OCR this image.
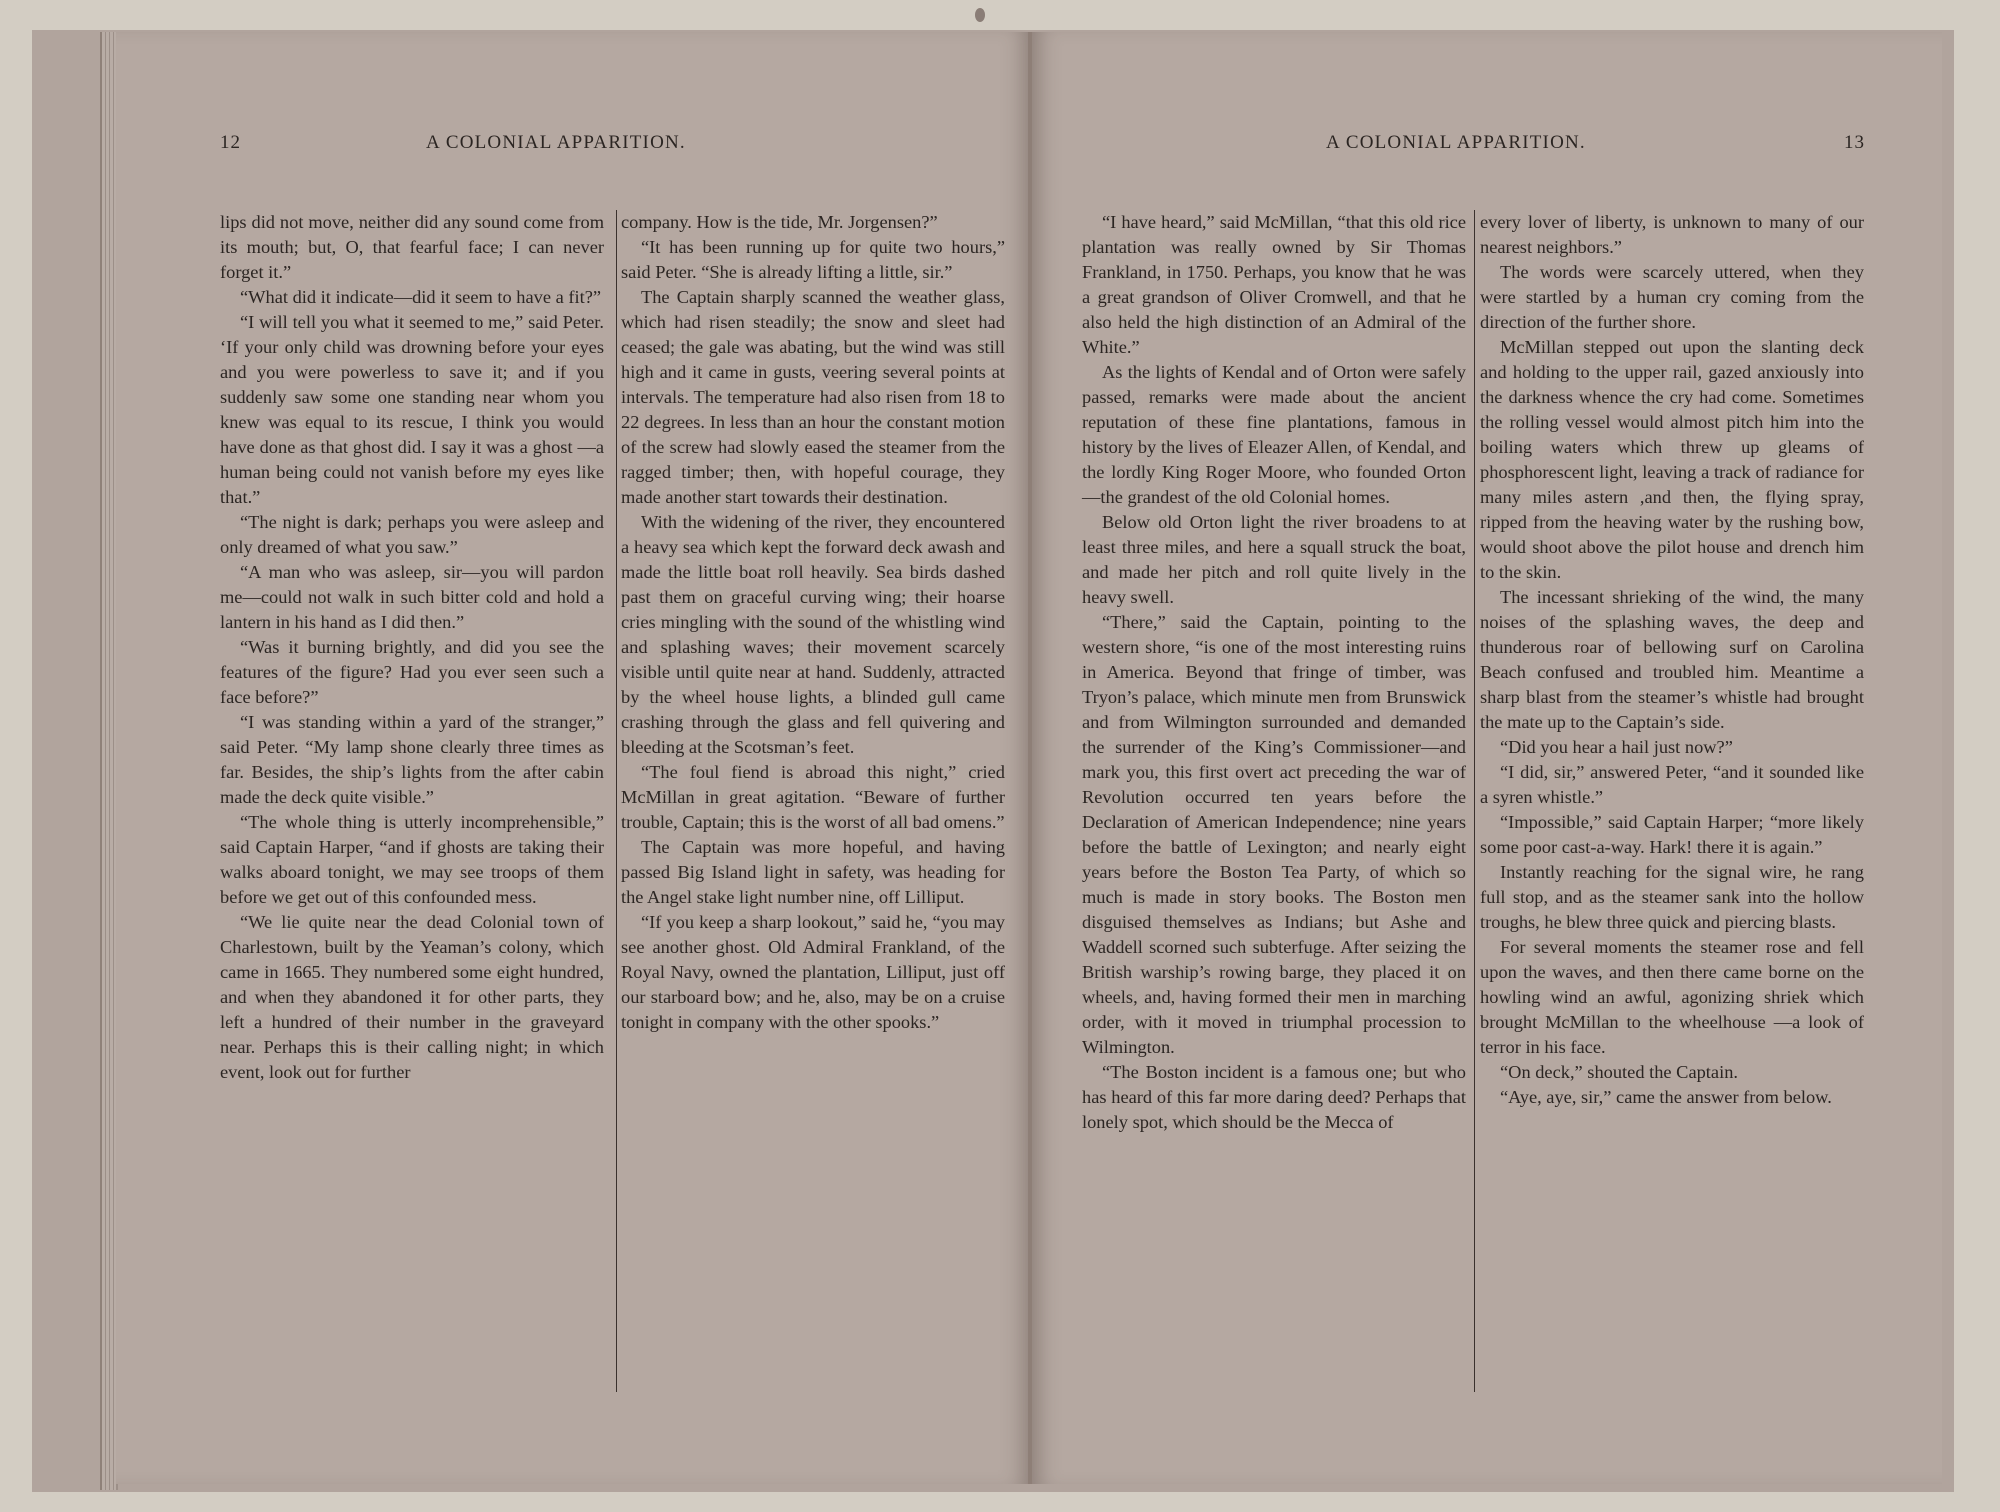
12	A COLONIAL APPARITION.

lips did not move, neither did any sound come from its mouth; but, O, that fearful face; I can never forget it.”

“What did it indicate—did it seem to have a fit?”

“I will tell you what it seemed to me,” said Peter. ‘If your only child was drowning before your eyes and you were powerless to save it; and if you suddenly saw some one standing near whom you knew was equal to its rescue, I think you would have done as that ghost did. I say it was a ghost —a human being could not vanish before my eyes like that.”

“The night is dark; perhaps you were asleep and only dreamed of what you saw.”

“A man who was asleep, sir—you will pardon me—could not walk in such bitter cold and hold a lantern in his hand as I did then.”

“Was it burning brightly, and did you see the features of the figure? Had you ever seen such a face before?”

“I was standing within a yard of the stranger,” said Peter. “My lamp shone clearly three times as far. Besides, the ship’s lights from the after cabin made the deck quite visible.”

“The whole thing is utterly incomprehensible,” said Captain Harper, “and if ghosts are taking their walks aboard tonight, we may see troops of them before we get out of this confounded mess.

“We lie quite near the dead Colonial town of Charlestown, built by the Yeaman’s colony, which came in 1665. They numbered some eight hundred, and when they abandoned it for other parts, they left a hundred of their number in the graveyard near. Perhaps this is their calling night; in which event, look out for further

company. How is the tide, Mr. Jorgensen?”

“It has been running up for quite two hours,” said Peter. “She is already lifting a little, sir.”

The Captain sharply scanned the weather glass, which had risen steadily; the snow and sleet had ceased; the gale was abating, but the wind was still high and it came in gusts, veering several points at intervals. The temperature had also risen from 18 to 22 degrees. In less than an hour the constant motion of the screw had slowly eased the steamer from the ragged timber; then, with hopeful courage, they made another start towards their destination.

With the widening of the river, they encountered a heavy sea which kept the forward deck awash and made the little boat roll heavily. Sea birds dashed past them on graceful curving wing; their hoarse cries mingling with the sound of the whistling wind and splashing waves; their movement scarcely visible until quite near at hand. Suddenly, attracted by the wheel house lights, a blinded gull came crashing through the glass and fell quivering and bleeding at the Scotsman’s feet.

“The foul fiend is abroad this night,” cried McMillan in great agitation. “Beware of further trouble, Captain; this is the worst of all bad omens.”

The Captain was more hopeful, and having passed Big Island light in safety, was heading for the Angel stake light number nine, off Lilliput.

“If you keep a sharp lookout,” said he, “you may see another ghost. Old Admiral Frankland, of the Royal Navy, owned the plantation, Lilliput, just off our starboard bow; and he, also, may be on a cruise tonight in company with the other spooks.”

A COLONIAL APPARITION.	13

“I have heard,” said McMillan, “that this old rice plantation was really owned by Sir Thomas Frankland, in 1750. Perhaps, you know that he was a great grandson of Oliver Cromwell, and that he also held the high distinction of an Admiral of the White.”

As the lights of Kendal and of Orton were safely passed, remarks were made about the ancient reputation of these fine plantations, famous in history by the lives of Eleazer Allen, of Kendal, and the lordly King Roger Moore, who founded Orton—the grandest of the old Colonial homes.

Below old Orton light the river broadens to at least three miles, and here a squall struck the boat, and made her pitch and roll quite lively in the heavy swell.

“There,” said the Captain, pointing to the western shore, “is one of the most interesting ruins in America. Beyond that fringe of timber, was Tryon’s palace, which minute men from Brunswick and from Wilmington surrounded and demanded the surrender of the King’s Commissioner—and mark you, this first overt act preceding the war of Revolution occurred ten years before the Declaration of American Independence; nine years before the battle of Lexington; and nearly eight years before the Boston Tea Party, of which so much is made in story books. The Boston men disguised themselves as Indians; but Ashe and Waddell scorned such subterfuge. After seizing the British warship’s rowing barge, they placed it on wheels, and, having formed their men in marching order, with it moved in triumphal procession to Wilmington.

“The Boston incident is a famous one; but who has heard of this far more daring deed? Perhaps that lonely spot, which should be the Mecca of

every lover of liberty, is unknown to many of our nearest neighbors.”

The words were scarcely uttered, when they were startled by a human cry coming from the direction of the further shore.

McMillan stepped out upon the slanting deck and holding to the upper rail, gazed anxiously into the darkness whence the cry had come. Sometimes the rolling vessel would almost pitch him into the boiling waters which threw up gleams of phosphorescent light, leaving a track of radiance for many miles astern ,and then, the flying spray, ripped from the heaving water by the rushing bow, would shoot above the pilot house and drench him to the skin.

The incessant shrieking of the wind, the many noises of the splashing waves, the deep and thunderous roar of bellowing surf on Carolina Beach confused and troubled him. Meantime a sharp blast from the steamer’s whistle had brought the mate up to the Captain’s side.

“Did you hear a hail just now?”

“I did, sir,” answered Peter, “and it sounded like a syren whistle.”

“Impossible,” said Captain Harper; “more likely some poor cast-a-way. Hark! there it is again.”

Instantly reaching for the signal wire, he rang full stop, and as the steamer sank into the hollow troughs, he blew three quick and piercing blasts.

For several moments the steamer rose and fell upon the waves, and then there came borne on the howling wind an awful, agonizing shriek which brought McMillan to the wheelhouse —a look of terror in his face.

“On deck,” shouted the Captain.

“Aye, aye, sir,” came the answer from below.
